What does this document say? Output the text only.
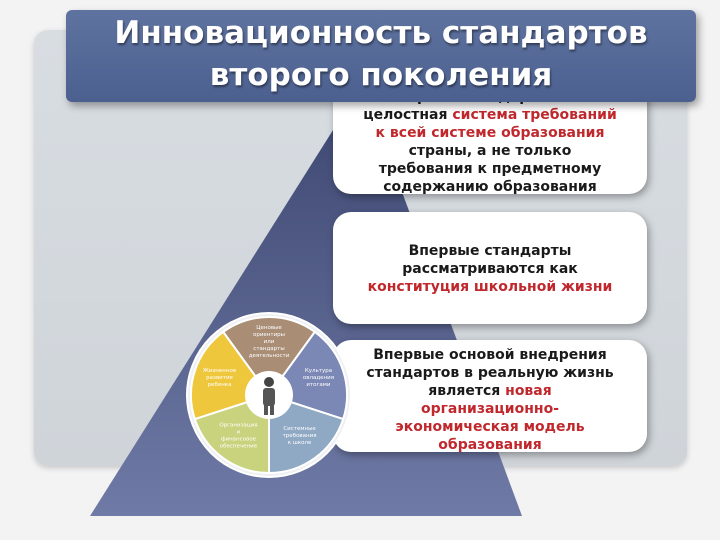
Инновационность стандартов
второго поколения
целостная система требований
к всей системе образования
страны, а не только
требования к предметному
содержанию образования
Впервые стандарты
рассматриваются как
конституция школьной жизни
Впервые основой внедрения
стандартов в реальную жизнь
является новая
организационно-
экономическая модель
образования
Ценовые ориентиры или стандарты деятельности
Культура овладения итогами
Системные требования к школе
Организация и финансовое обеспечение
Жизненное развитие ребенка
